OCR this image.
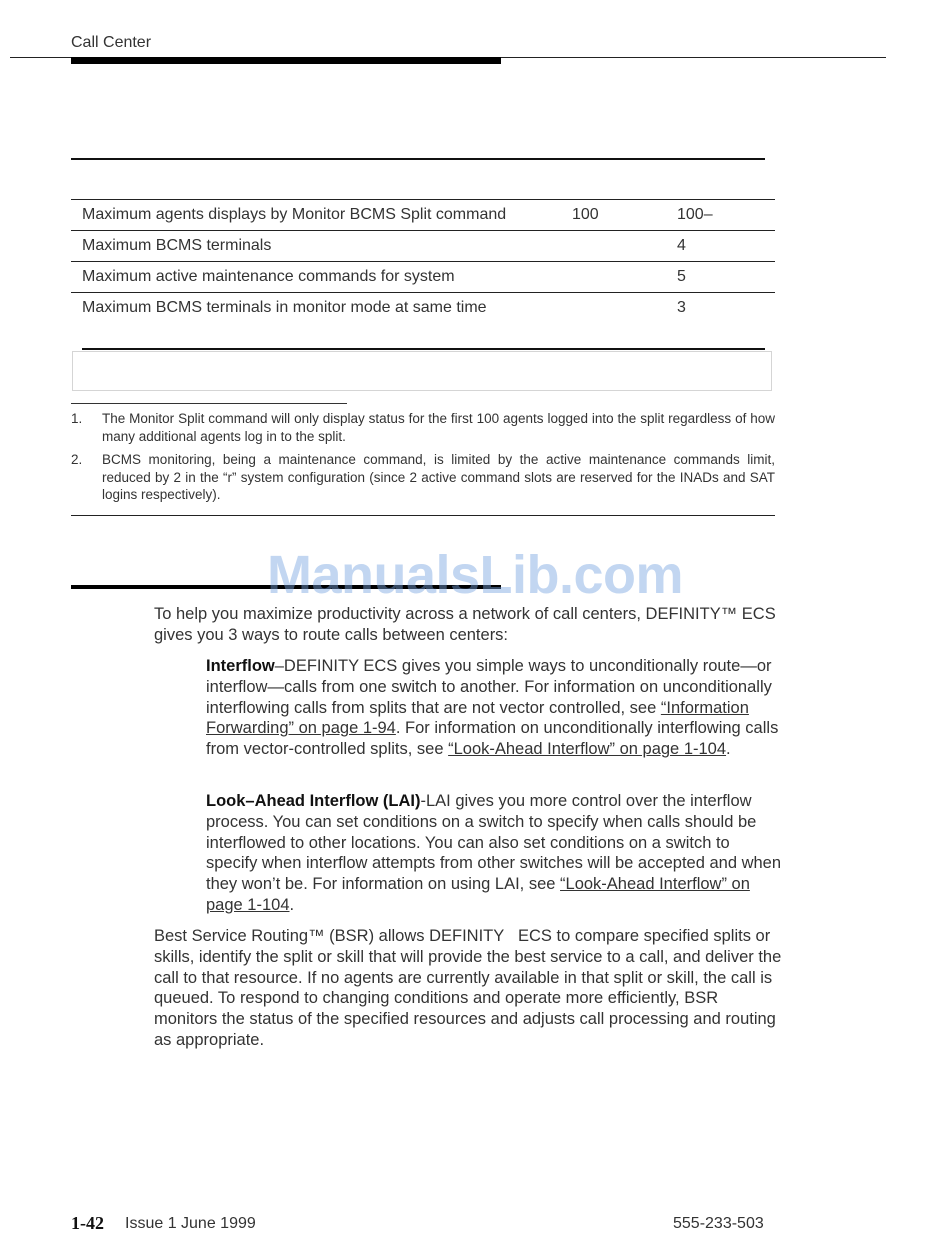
Call Center
Maximum agents displays by Monitor BCMS Split command	100	100–
Maximum BCMS terminals		4
Maximum active maintenance commands for system		5
Maximum BCMS terminals in monitor mode at same time		3
1. The Monitor Split command will only display status for the first 100 agents logged into the split regardless of how many additional agents log in to the split.
2. BCMS monitoring, being a maintenance command, is limited by the active maintenance commands limit, reduced by 2 in the “r” system configuration (since 2 active command slots are reserved for the INADs and SAT logins respectively).
ManualsLib.com
To help you maximize productivity across a network of call centers, DEFINITY™ ECS gives you 3 ways to route calls between centers:
Interflow–DEFINITY ECS gives you simple ways to unconditionally route—or interflow—calls from one switch to another. For information on unconditionally interflowing calls from splits that are not vector controlled, see “Information Forwarding” on page 1-94. For information on unconditionally interflowing calls from vector-controlled splits, see “Look-Ahead Interflow” on page 1-104.
Look–Ahead Interflow (LAI)-LAI gives you more control over the interflow process. You can set conditions on a switch to specify when calls should be interflowed to other locations. You can also set conditions on a switch to specify when interflow attempts from other switches will be accepted and when they won’t be. For information on using LAI, see “Look-Ahead Interflow” on page 1-104.
Best Service Routing™ (BSR) allows DEFINITY   ECS to compare specified splits or skills, identify the split or skill that will provide the best service to a call, and deliver the call to that resource. If no agents are currently available in that split or skill, the call is queued. To respond to changing conditions and operate more efficiently, BSR monitors the status of the specified resources and adjusts call processing and routing as appropriate.
1-42 Issue 1 June 1999	555-233-503
